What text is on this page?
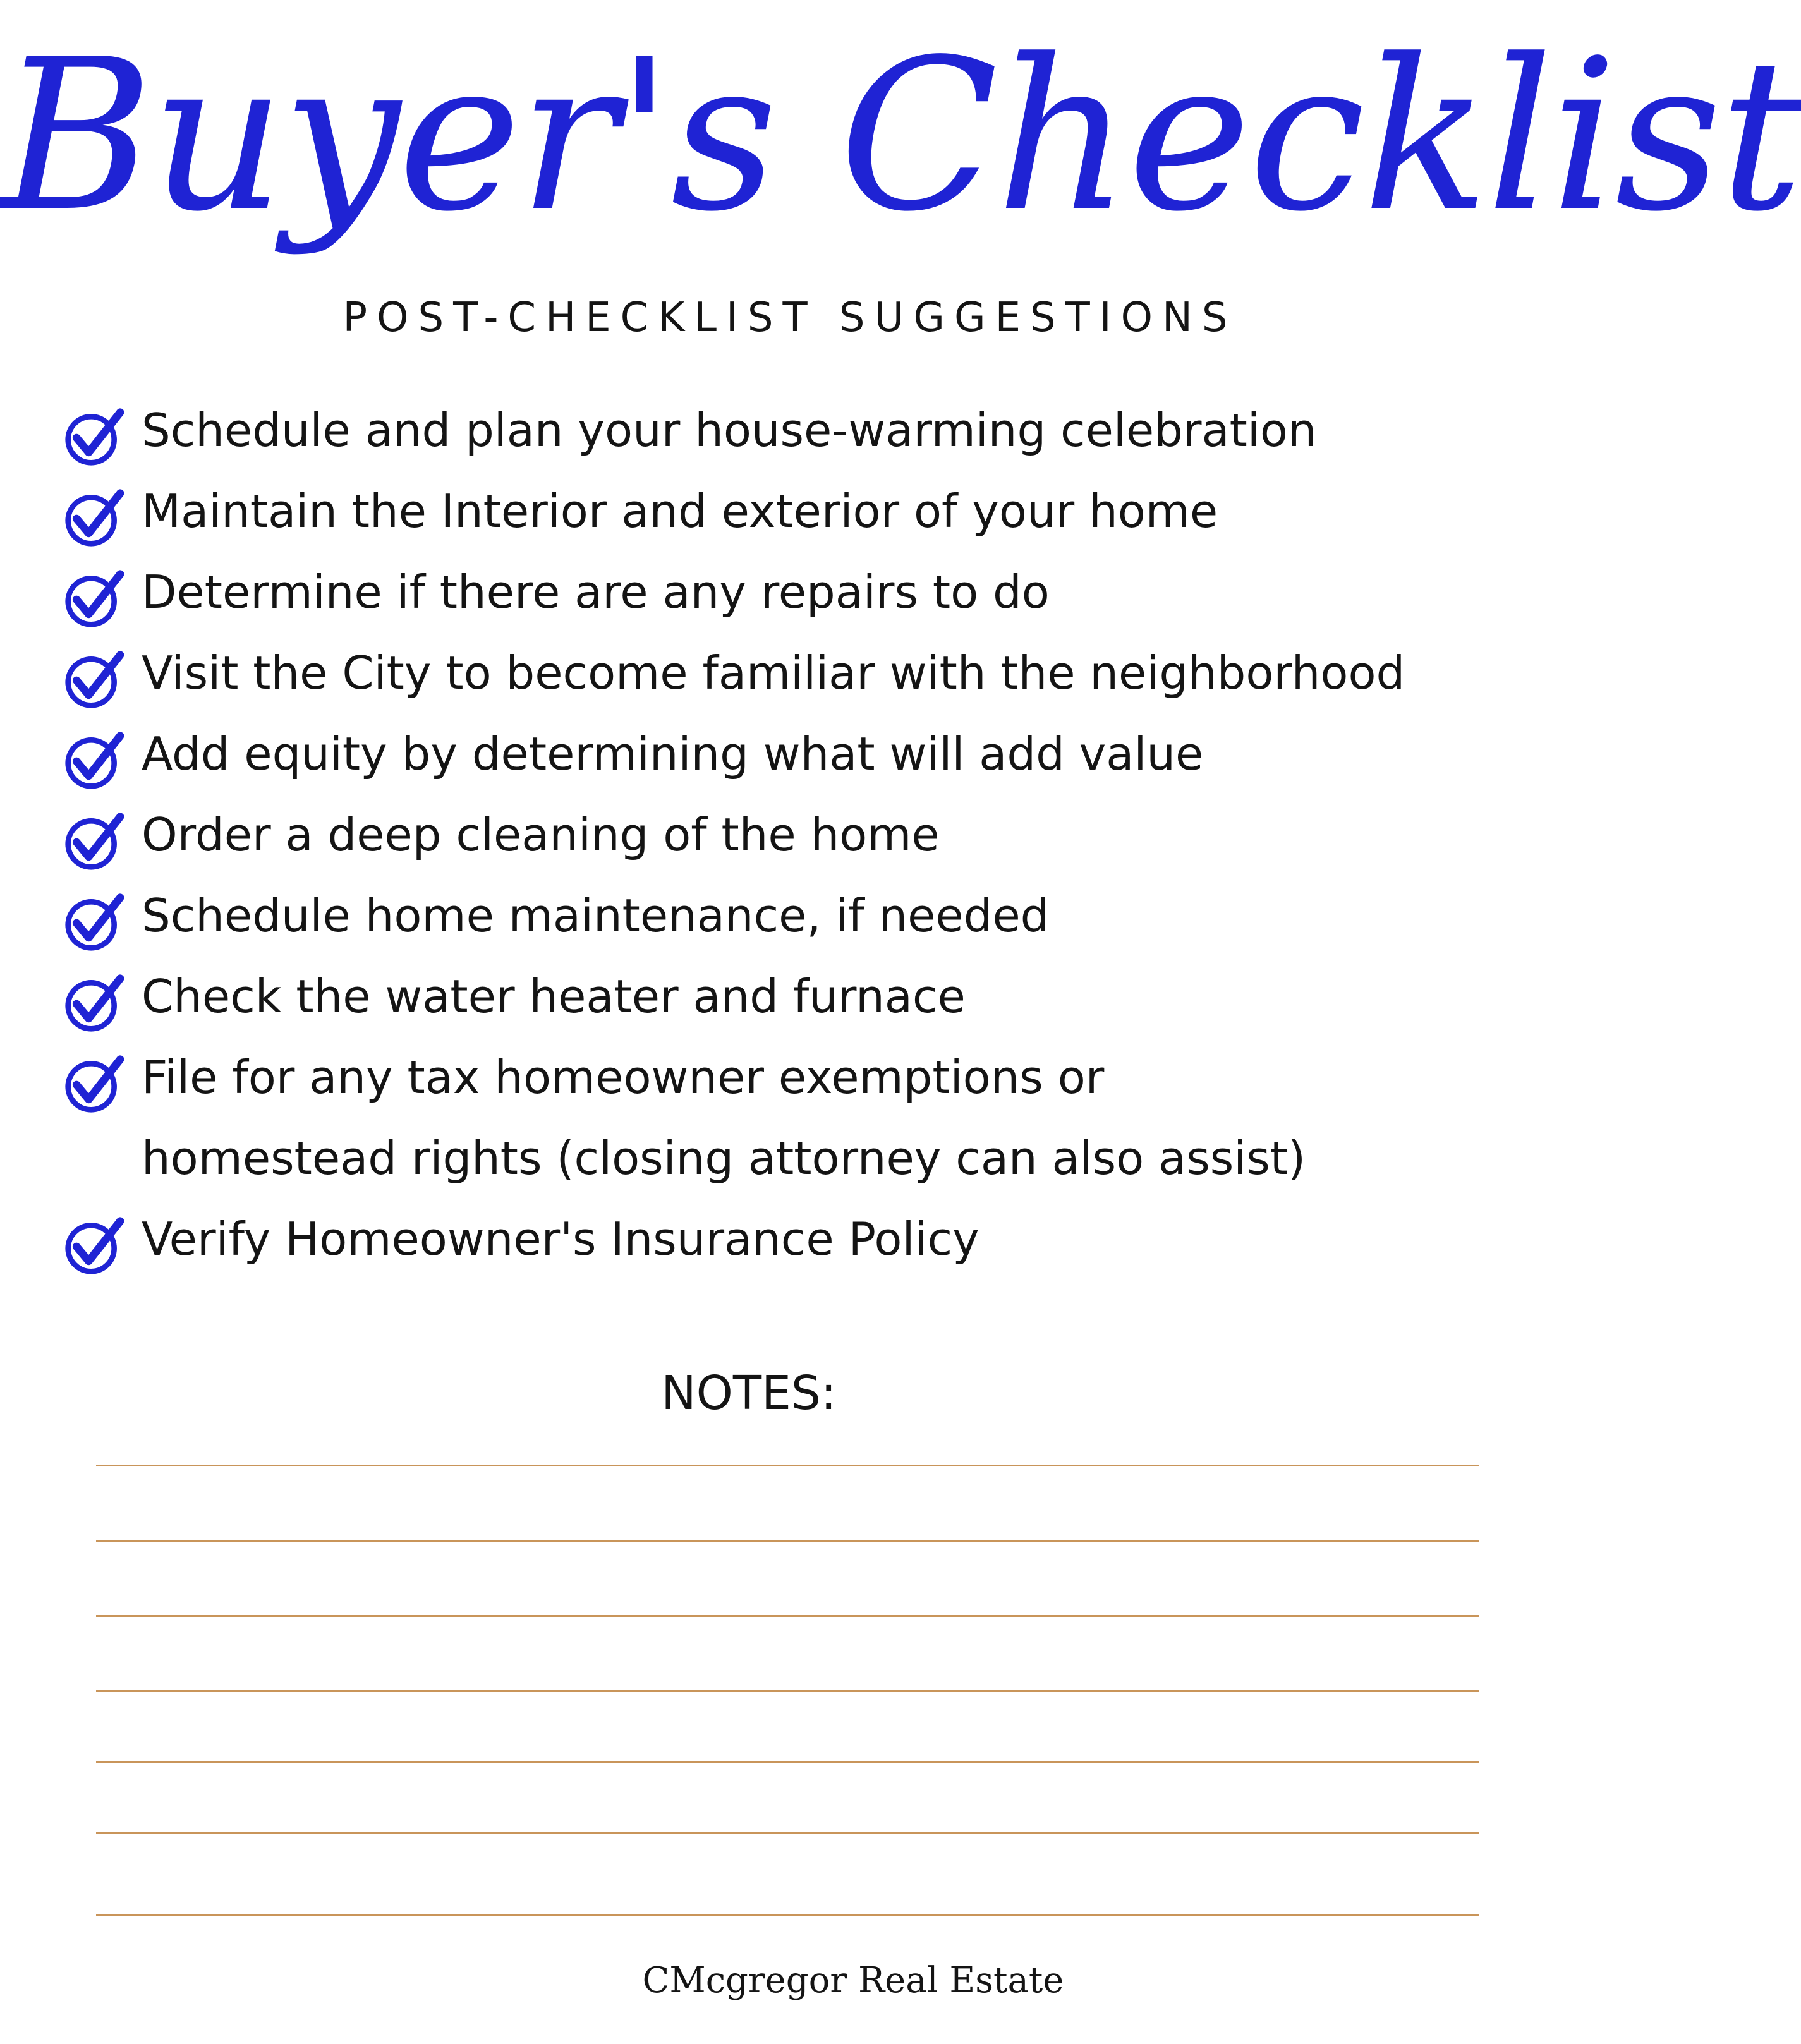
Buyer's Checklist
POST-CHECKLIST SUGGESTIONS
Schedule and plan your house-warming celebration
Maintain the Interior and exterior of your home
Determine if there are any repairs to do
Visit the City to become familiar with the neighborhood
Add equity by determining what will add value
Order a deep cleaning of the home
Schedule home maintenance, if needed
Check the water heater and furnace
File for any tax homeowner exemptions or
homestead rights (closing attorney can also assist)
Verify Homeowner's Insurance Policy
NOTES:
CMcgregor Real Estate
